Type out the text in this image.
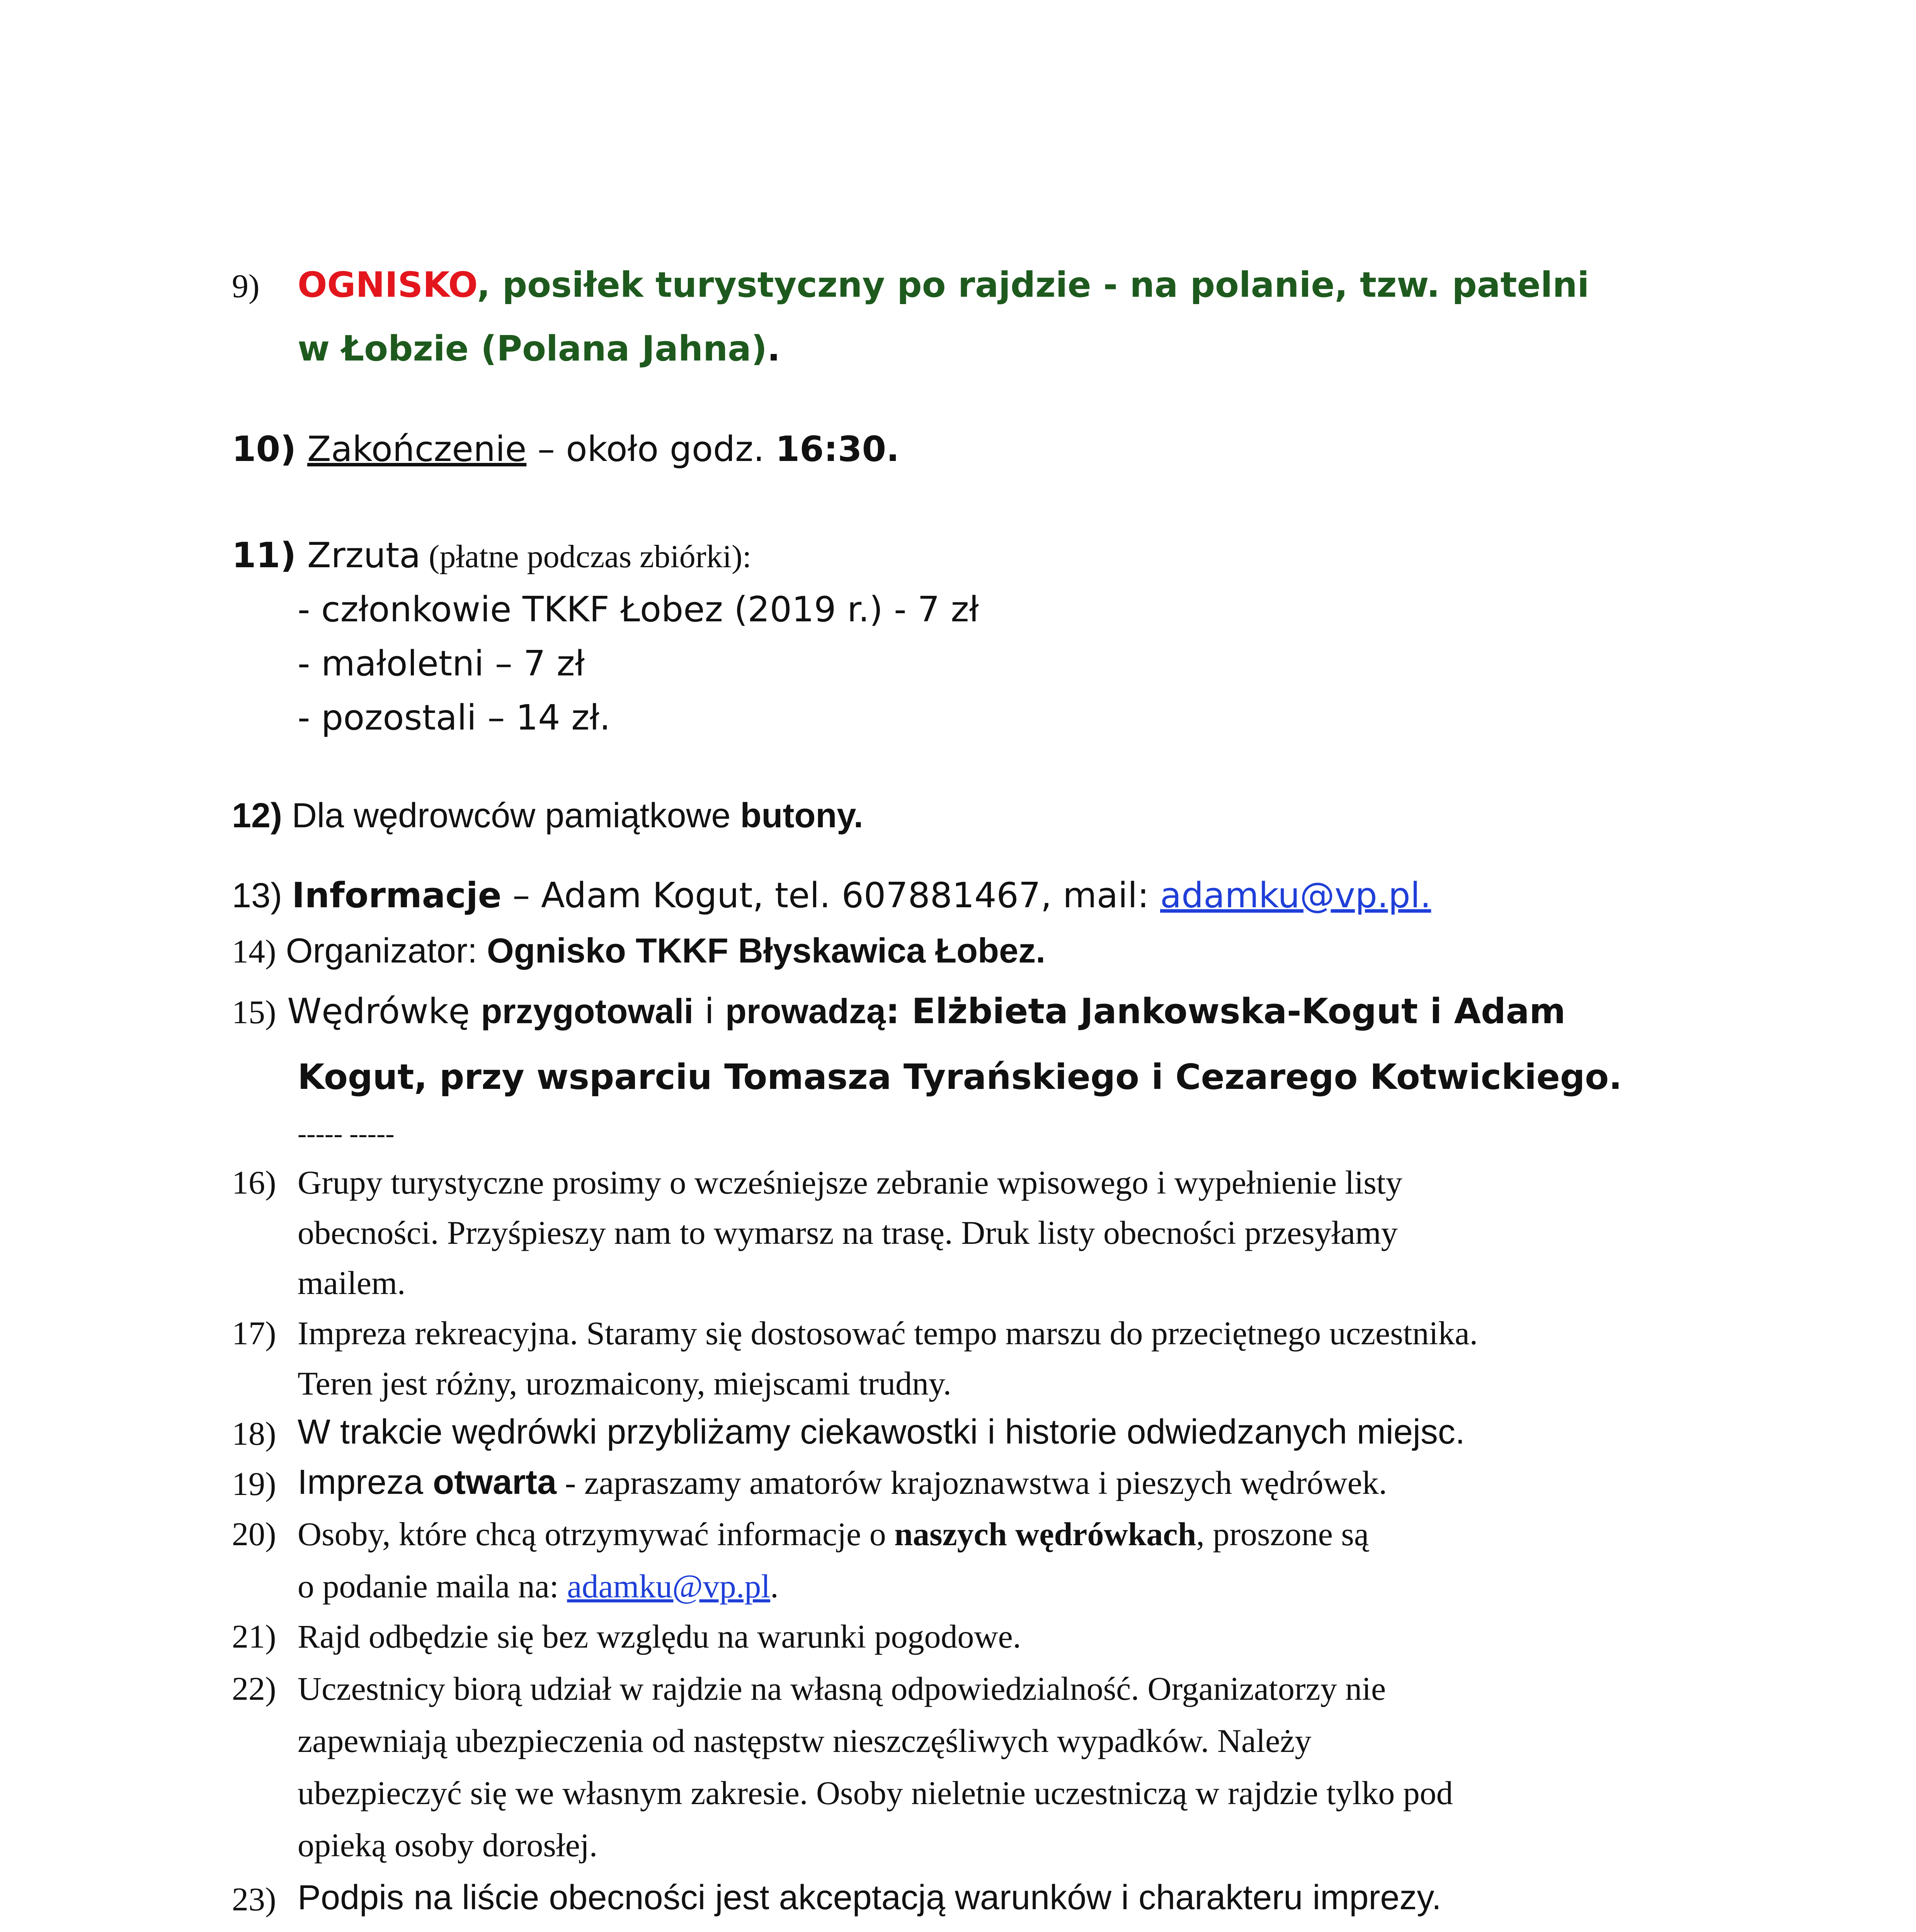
9) OGNISKO, posiłek turystyczny po rajdzie - na polanie, tzw. patelni
w Łobzie (Polana Jahna).
10) Zakończenie – około godz. 16:30.
11) Zrzuta (płatne podczas zbiórki):
- członkowie TKKF Łobez (2019 r.) - 7 zł
- małoletni – 7 zł
- pozostali – 14 zł.
12) Dla wędrowców pamiątkowe butony.
13) Informacje – Adam Kogut, tel. 607881467, mail: adamku@vp.pl.
14) Organizator: Ognisko TKKF Błyskawica Łobez.
15) Wędrówkę przygotowali i prowadzą: Elżbieta Jankowska-Kogut i Adam
Kogut, przy wsparciu Tomasza Tyrańskiego i Cezarego Kotwickiego.
----- -----
16) Grupy turystyczne prosimy o wcześniejsze zebranie wpisowego i wypełnienie listy
obecności. Przyśpieszy nam to wymarsz na trasę. Druk listy obecności przesyłamy
mailem.
17) Impreza rekreacyjna. Staramy się dostosować tempo marszu do przeciętnego uczestnika.
Teren jest różny, urozmaicony, miejscami trudny.
18) W trakcie wędrówki przybliżamy ciekawostki i historie odwiedzanych miejsc.
19) Impreza otwarta - zapraszamy amatorów krajoznawstwa i pieszych wędrówek.
20) Osoby, które chcą otrzymywać informacje o naszych wędrówkach, proszone są
o podanie maila na: adamku@vp.pl.
21) Rajd odbędzie się bez względu na warunki pogodowe.
22) Uczestnicy biorą udział w rajdzie na własną odpowiedzialność. Organizatorzy nie
zapewniają ubezpieczenia od następstw nieszczęśliwych wypadków. Należy
ubezpieczyć się we własnym zakresie. Osoby nieletnie uczestniczą w rajdzie tylko pod
opieką osoby dorosłej.
23) Podpis na liście obecności jest akceptacją warunków i charakteru imprezy.
